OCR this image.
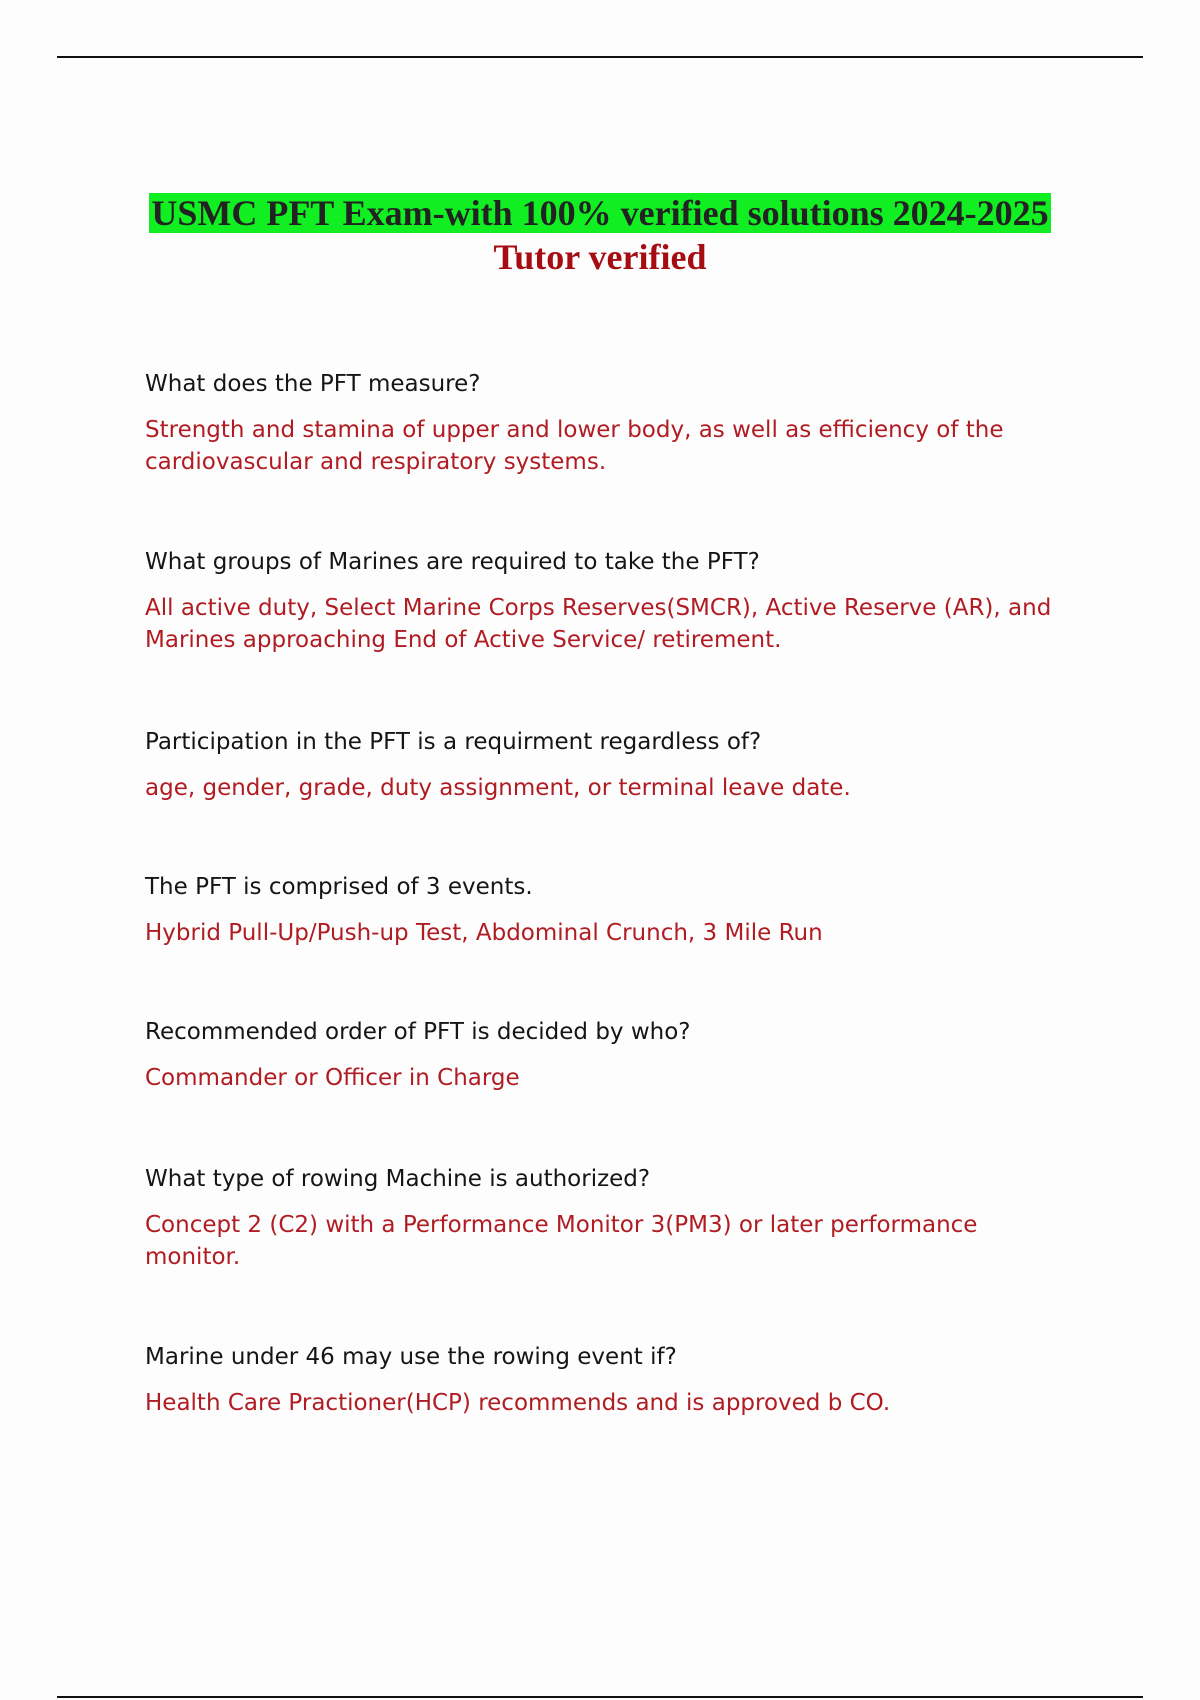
USMC PFT Exam-with 100% verified solutions 2024-2025
Tutor verified
What does the PFT measure?
Strength and stamina of upper and lower body, as well as efficiency of the cardiovascular and respiratory systems.
What groups of Marines are required to take the PFT?
All active duty, Select Marine Corps Reserves(SMCR), Active Reserve (AR), and Marines approaching End of Active Service/ retirement.
Participation in the PFT is a requirment regardless of?
age, gender, grade, duty assignment, or terminal leave date.
The PFT is comprised of 3 events.
Hybrid Pull-Up/Push-up Test, Abdominal Crunch, 3 Mile Run
Recommended order of PFT is decided by who?
Commander or Officer in Charge
What type of rowing Machine is authorized?
Concept 2 (C2) with a Performance Monitor 3(PM3) or later performance monitor.
Marine under 46 may use the rowing event if?
Health Care Practioner(HCP) recommends and is approved b CO.
